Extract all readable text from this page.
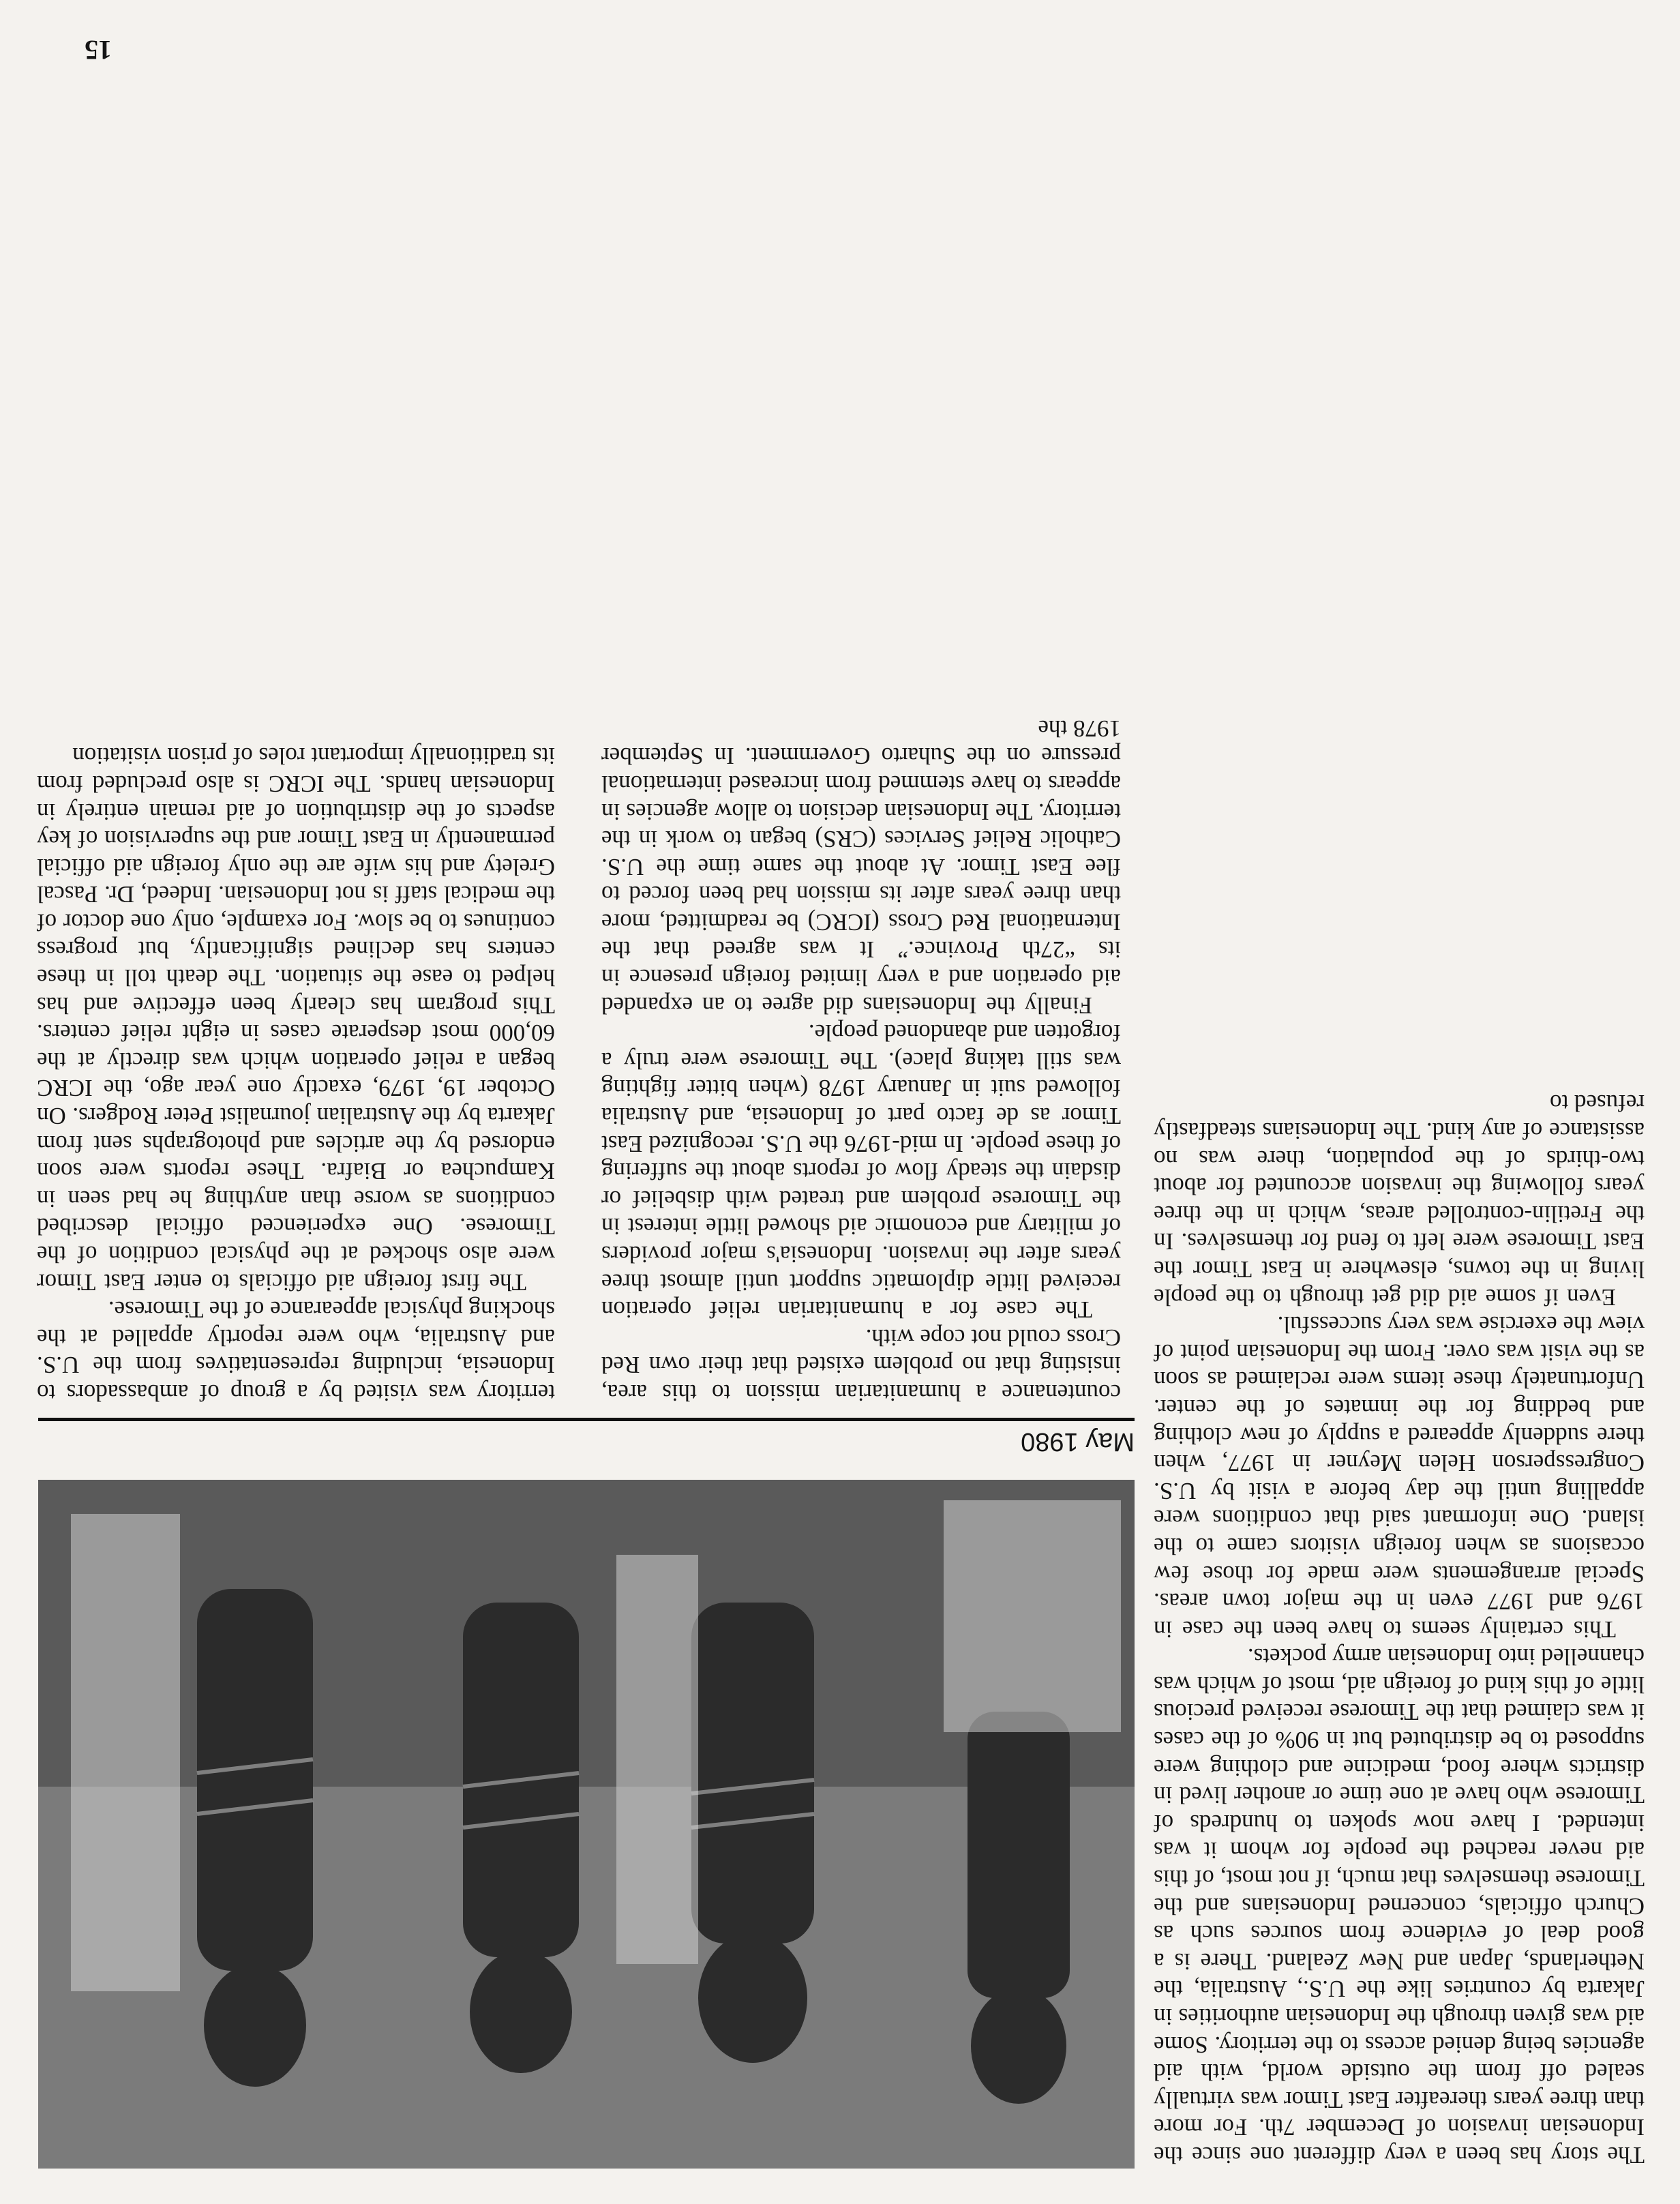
May 1980

The story has been a very different one since the Indonesian invasion of December 7th. For more than three years thereafter East Timor was virtually sealed off from the outside world, with aid agencies being denied access to the territory. Some aid was given through the Indonesian authorities in Jakarta by countries like the U.S., Australia, the Netherlands, Japan and New Zealand. There is a good deal of evidence from sources such as Church officials, concerned Indonesians and the Timorese themselves that much, if not most, of this aid never reached the people for whom it was intended. I have now spoken to hundreds of Timorese who have at one time or another lived in districts where food, medicine and clothing were supposed to be distributed but in 90% of the cases it was claimed that the Timorese received precious little of this kind of foreign aid, most of which was channelled into Indonesian army pockets.

This certainly seems to have been the case in 1976 and 1977 even in the major town areas. Special arrangements were made for those few occasions as when foreign visitors came to the island. One informant said that conditions were appalling until the day before a visit by U.S. Congressperson Helen Meyner in 1977, when there suddenly appeared a supply of new clothing and bedding for the inmates of the center. Unfortunately these items were reclaimed as soon as the visit was over. From the Indonesian point of view the exercise was very successful.

Even if some aid did get through to the people living in the towns, elsewhere in East Timor the East Timorese were left to fend for themselves. In the Fretilin-controlled areas, which in the three years following the invasion accounted for about two-thirds of the population, there was no assistance of any kind. The Indonesians steadfastly refused to

countenance a humanitarian mission to this area, insisting that no problem existed that their own Red Cross could not cope with.

The case for a humanitarian relief operation received little diplomatic support until almost three years after the invasion. Indonesia's major providers of military and economic aid showed little interest in the Timorese problem and treated with disbelief or disdain the steady flow of reports about the suffering of these people. In mid-1976 the U.S. recognized East Timor as de facto part of Indonesia, and Australia followed suit in January 1978 (when bitter fighting was still taking place). The Timorese were truly a forgotten and abandoned people.

Finally the Indonesians did agree to an expanded aid operation and a very limited foreign presence in its “27th Province.” It was agreed that the International Red Cross (ICRC) be readmitted, more than three years after its mission had been forced to flee East Timor. At about the same time the U.S. Catholic Relief Services (CRS) began to work in the territory. The Indonesian decision to allow agencies in appears to have stemmed from increased international pressure on the Suharto Government. In September 1978 the

territory was visited by a group of ambassadors to Indonesia, including representatives from the U.S. and Australia, who were reportly appalled at the shocking physical appearance of the Timorese.

The first foreign aid officials to enter East Timor were also shocked at the physical condition of the Timorese. One experienced official described conditions as worse than anything he had seen in Kampuchea or Biafra. These reports were soon endorsed by the articles and photographs sent from Jakarta by the Australian journalist Peter Rodgers. On October 19, 1979, exactly one year ago, the ICRC began a relief operation which was directly at the 60,000 most desperate cases in eight relief centers. This program has clearly been effective and has helped to ease the situation. The death toll in these centers has declined significantly, but progress continues to be slow. For example, only one doctor of the medical staff is not Indonesian. Indeed, Dr. Pascal Grelety and his wife are the only foreign aid official permanently in East Timor and the supervision of key aspects of the distribution of aid remain entirely in Indonesian hands. The ICRC is also precluded from its traditionally important roles of prison visitation

15
